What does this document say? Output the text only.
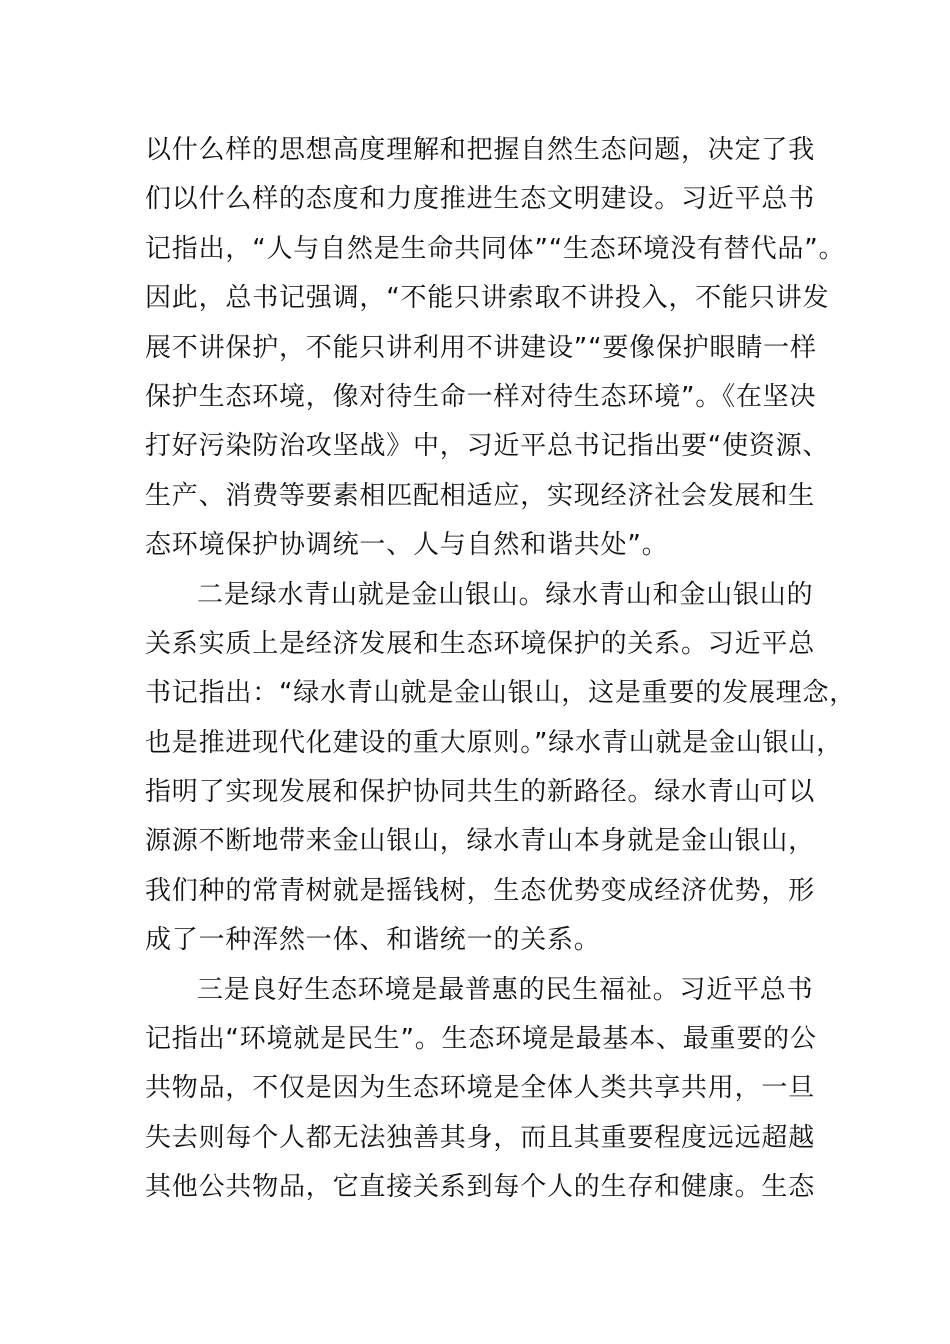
以什么样的思想高度理解和把握自然生态问题，决定了我

们以什么样的态度和力度推进生态文明建设。习近平总书

记指出，“人与自然是生命共同体”“生态环境没有替代品”。

因此，总书记强调，“不能只讲索取不讲投入，不能只讲发

展不讲保护，不能只讲利用不讲建设”“要像保护眼睛一样

保护生态环境，像对待生命一样对待生态环境”。《在坚决

打好污染防治攻坚战》中，习近平总书记指出要“使资源、

生产、消费等要素相匹配相适应，实现经济社会发展和生

态环境保护协调统一、人与自然和谐共处”。

二是绿水青山就是金山银山。绿水青山和金山银山的

关系实质上是经济发展和生态环境保护的关系。习近平总

书记指出：“绿水青山就是金山银山，这是重要的发展理念，

也是推进现代化建设的重大原则。”绿水青山就是金山银山，

指明了实现发展和保护协同共生的新路径。绿水青山可以

源源不断地带来金山银山，绿水青山本身就是金山银山，

我们种的常青树就是摇钱树，生态优势变成经济优势，形

成了一种浑然一体、和谐统一的关系。

三是良好生态环境是最普惠的民生福祉。习近平总书

记指出“环境就是民生”。生态环境是最基本、最重要的公

共物品，不仅是因为生态环境是全体人类共享共用，一旦

失去则每个人都无法独善其身，而且其重要程度远远超越

其他公共物品，它直接关系到每个人的生存和健康。生态
